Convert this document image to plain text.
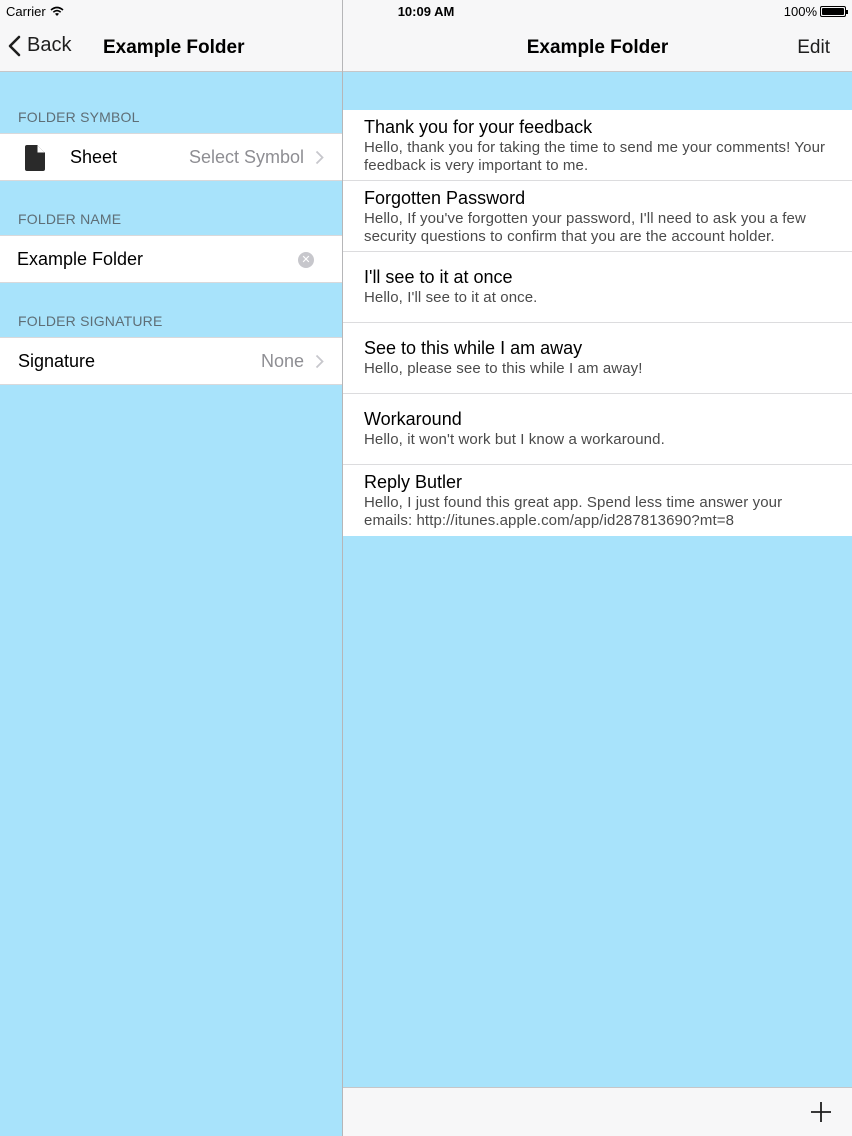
Carrier	10:09 AM	100%
Back Example Folder
FOLDER SYMBOL
Sheet	Select Symbol
FOLDER NAME
Example Folder
✕
FOLDER SIGNATURE
Signature	None
Example Folder	Edit
Thank you for your feedback
Hello, thank you for taking the time to send me your comments! Your feedback is very important to me.
Forgotten Password
Hello, If you've forgotten your password, I'll need to ask you a few security questions to confirm that you are the account holder.
I'll see to it at once
Hello, I'll see to it at once.
See to this while I am away
Hello, please see to this while I am away!
Workaround
Hello, it won't work but I know a workaround.
Reply Butler
Hello, I just found this great app. Spend less time answer your emails: http://itunes.apple.com/app/id287813690?mt=8
